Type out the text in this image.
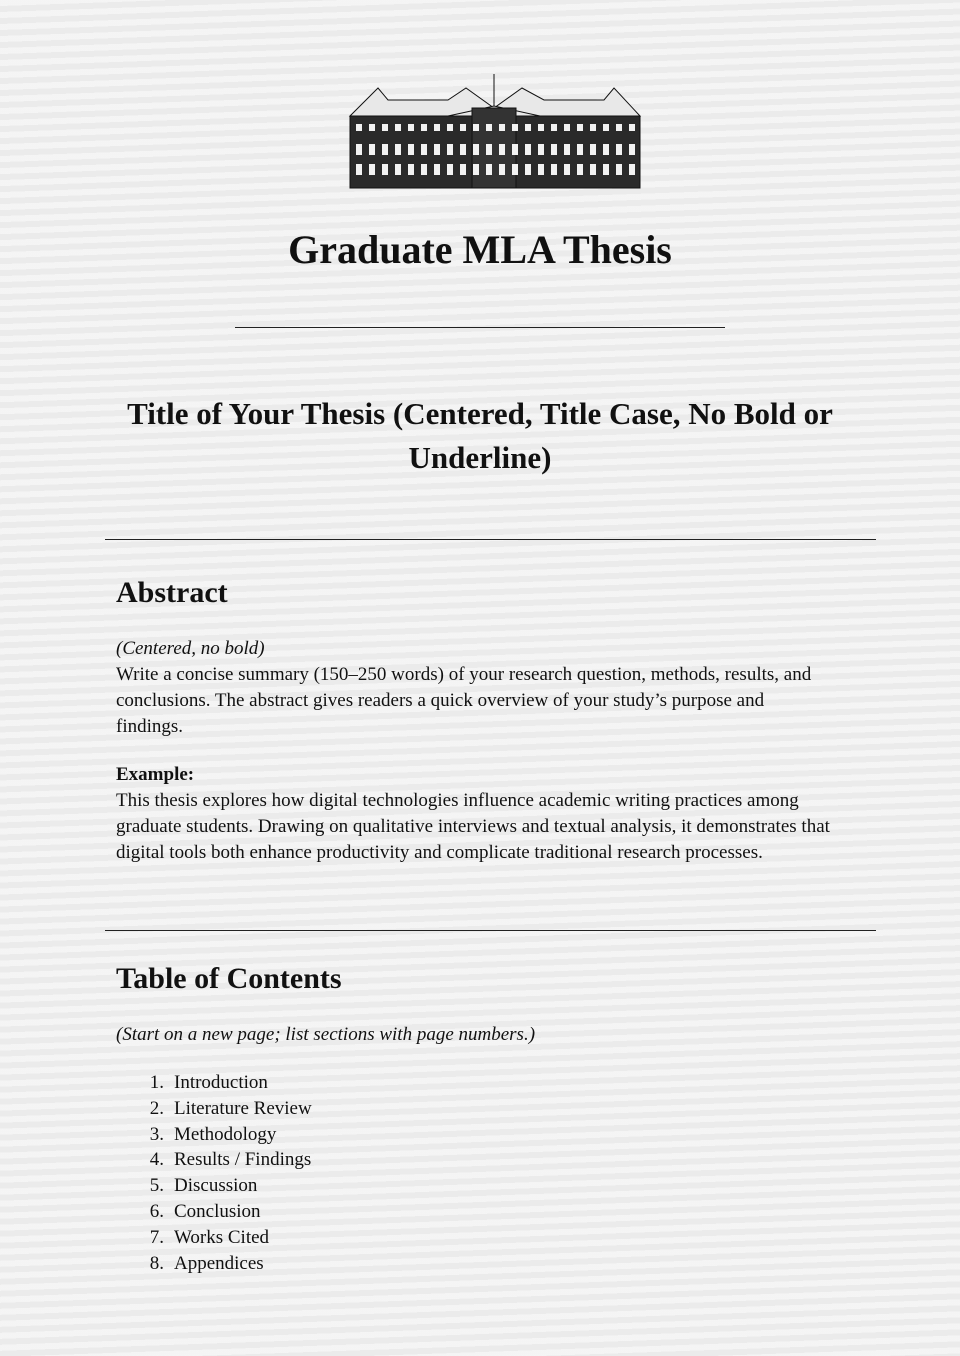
Graduate MLA Thesis
Title of Your Thesis (Centered, Title Case, No Bold or Underline)
Abstract

(Centered, no bold)

Write a concise summary (150–250 words) of your research question, methods, results, and conclusions. The abstract gives readers a quick overview of your study’s purpose and findings.

Example:

This thesis explores how digital technologies influence academic writing practices among graduate students. Drawing on qualitative interviews and textual analysis, it demonstrates that digital tools both enhance productivity and complicate traditional research processes.

Table of Contents

(Start on a new page; list sections with page numbers.)

1. Introduction
2. Literature Review
3. Methodology
4. Results / Findings
5. Discussion
6. Conclusion
7. Works Cited
8. Appendices
